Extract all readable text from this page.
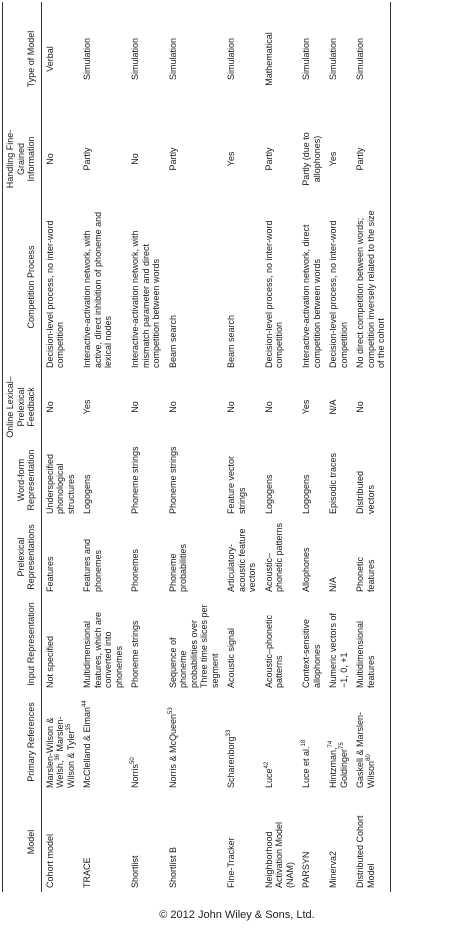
Model	Primary References	Input Representation	Prelexical Representations	Word-form Representation	Online Lexical–Prelexical Feedback	Competition Process	Handling Fine-Grained Information	Type of Model
Cohort model	Marslen-Wilson & Welsh,$^{36}$ Marslen-Wilson & Tyler$^{35}$	Not specified	Features	Underspecified phonological structures	No	Decision-level process, no inter-word competition	No	Verbal
TRACE	McClelland & Elman$^{44}$	Multidimensional features, which are converted into phonemes	Features and phonemes	Logogens	Yes	Interactive-activation network, with active, direct inhibition of phoneme and lexical nodes	Partly	Simulation
Shortlist	Norris$^{50}$	Phoneme strings	Phonemes	Phoneme strings	No	Interactive-activation network, with mismatch parameter and direct competition between words	No	Simulation
Shortlist B	Norris & McQueen$^{53}$	Sequence of phoneme probabilities over Three time slices per segment	Phoneme probabilities	Phoneme strings	No	Beam search	Partly	Simulation
Fine-Tracker	Scharenborg$^{33}$	Acoustic signal	Articulatory-acoustic feature vectors	Feature vector strings	No	Beam search	Yes	Simulation
Neighborhood Activation Model (NAM)	Luce$^{42}$	Acoustic–phonetic patterns	Acoustic–phonetic patterns	Logogens	No	Decision-level process, no inter-word competition	Partly	Mathematical
PARSYN	Luce et al.$^{18}$	Context-sensitive allophones	Allophones	Logogens	Yes	Interactive-activation network, direct competition between words	Partly (due to allophones)	Simulation
Minerva2	Hintzman,$^{74}$ Goldinger$^{75}$	Numeric vectors of −1, 0, +1	N/A	Episodic traces	N/A	Decision-level process, no inter-word competition	Yes	Simulation
Distributed Cohort Model	Gaskell & Marslen-Wilson$^{80}$	Multidimensional features	Phonetic features	Distributed vectors	No	No direct competition between words; competition inversely related to the size of the cohort	Partly	Simulation
© 2012 John Wiley & Sons, Ltd.
